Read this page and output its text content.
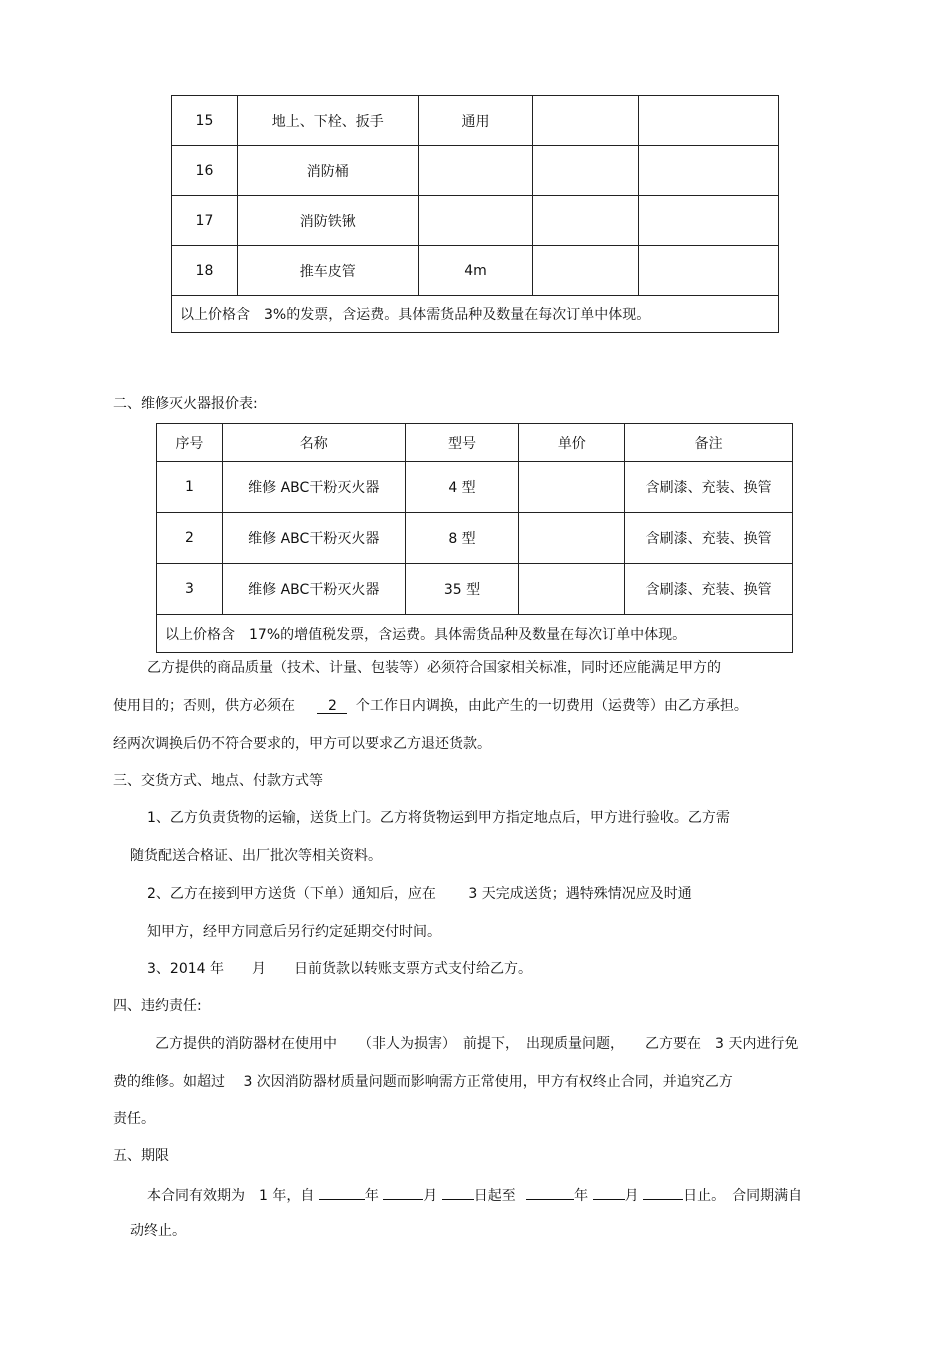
15	地上、下栓、扳手	通用		
16	消防桶			
17	消防铁锹			
18	推车皮管	4m		
以上价格含　3%的发票，含运费。具体需货品种及数量在每次订单中体现。				
二、维修灭火器报价表:
序号	名称	型号	单价	备注
1	维修 ABC干粉灭火器	4 型		含刷漆、充装、换管
2	维修 ABC干粉灭火器	8 型		含刷漆、充装、换管
3	维修 ABC干粉灭火器	35 型		含刷漆、充装、换管
以上价格含　17%的增值税发票，含运费。具体需货品种及数量在每次订单中体现。				
乙方提供的商品质量（技术、计量、包装等）必须符合国家相关标准，同时还应能满足甲方的
使用目的；否则，供方必须在 2 个工作日内调换，由此产生的一切费用（运费等）由乙方承担。
经两次调换后仍不符合要求的，甲方可以要求乙方退还货款。
三、交货方式、地点、付款方式等
1、乙方负责货物的运输，送货上门。乙方将货物运到甲方指定地点后，甲方进行验收。乙方需
随货配送合格证、出厂批次等相关资料。
2、乙方在接到甲方送货（下单）通知后，应在　　 3 天完成送货；遇特殊情况应及时通
知甲方，经甲方同意后另行约定延期交付时间。
3、2014 年　　月　　日前货款以转账支票方式支付给乙方。
四、违约责任:
乙方提供的消防器材在使用中　　（非人为损害）　前提下，　出现质量问题，　　乙方要在　3 天内进行免
费的维修。如超过　 3 次因消防器材质量问题而影响需方正常使用，甲方有权终止合同，并追究乙方
责任。
五、期限
本合同有效期为　1 年，自	年	月	日起至	年	月	日止。　合同期满自
动终止。
